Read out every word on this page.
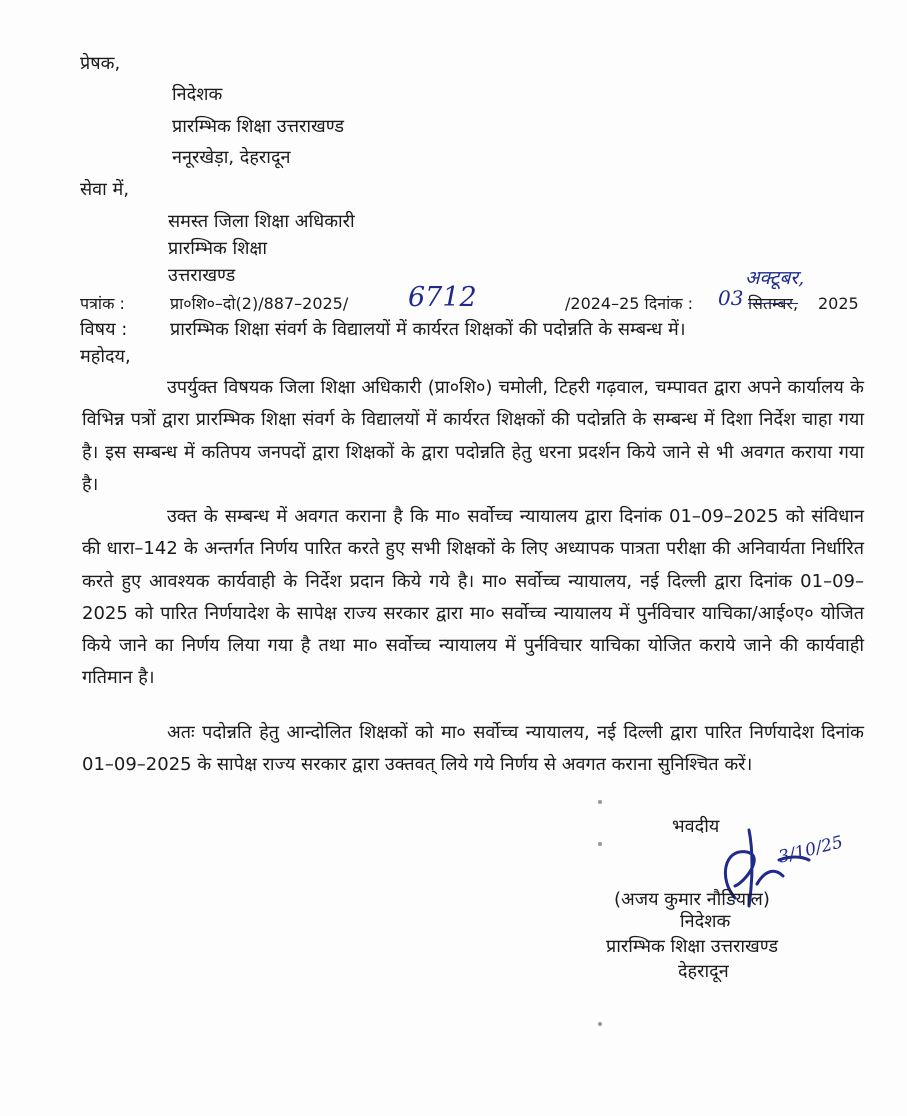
प्रेषक,
निदेशक
प्रारम्भिक शिक्षा उत्तराखण्ड
ननूरखेड़ा, देहरादून
सेवा में,
समस्त जिला शिक्षा अधिकारी
प्रारम्भिक शिक्षा
उत्तराखण्ड
पत्रांक :	प्रा०शि०–दो(2)/887–2025/ 6712	/2024–25 दिनांक : 03 सितम्बर,
अक्टूबर,
2025
विषय : प्रारम्भिक शिक्षा संवर्ग के विद्यालयों में कार्यरत शिक्षकों की पदोन्नति के सम्बन्ध में।
महोदय,
उपर्युक्त विषयक जिला शिक्षा अधिकारी (प्रा०शि०) चमोली, टिहरी गढ़वाल, चम्पावत द्वारा अपने कार्यालय के विभिन्न पत्रों द्वारा प्रारम्भिक शिक्षा संवर्ग के विद्यालयों में कार्यरत शिक्षकों की पदोन्नति के सम्बन्ध में दिशा निर्देश चाहा गया है। इस सम्बन्ध में कतिपय जनपदों द्वारा शिक्षकों के द्वारा पदोन्नति हेतु धरना प्रदर्शन किये जाने से भी अवगत कराया गया है।
उक्त के सम्बन्ध में अवगत कराना है कि मा० सर्वोच्च न्यायालय द्वारा दिनांक 01–09–2025 को संविधान की धारा–142 के अन्तर्गत निर्णय पारित करते हुए सभी शिक्षकों के लिए अध्यापक पात्रता परीक्षा की अनिवार्यता निर्धारित करते हुए आवश्यक कार्यवाही के निर्देश प्रदान किये गये है। मा० सर्वोच्च न्यायालय, नई दिल्ली द्वारा दिनांक 01–09–2025 को पारित निर्णयादेश के सापेक्ष राज्य सरकार द्वारा मा० सर्वोच्च न्यायालय में पुर्नविचार याचिका/आई०ए० योजित किये जाने का निर्णय लिया गया है तथा मा० सर्वोच्च न्यायालय में पुर्नविचार याचिका योजित कराये जाने की कार्यवाही गतिमान है।
अतः पदोन्नति हेतु आन्दोलित शिक्षकों को मा० सर्वोच्च न्यायालय, नई दिल्ली द्वारा पारित निर्णयादेश दिनांक 01–09–2025 के सापेक्ष राज्य सरकार द्वारा उक्तवत् लिये गये निर्णय से अवगत कराना सुनिश्चित करें।
भवदीय
3/10/25
(अजय कुमार नौडियाल)
निदेशक
प्रारम्भिक शिक्षा उत्तराखण्ड
देहरादून
